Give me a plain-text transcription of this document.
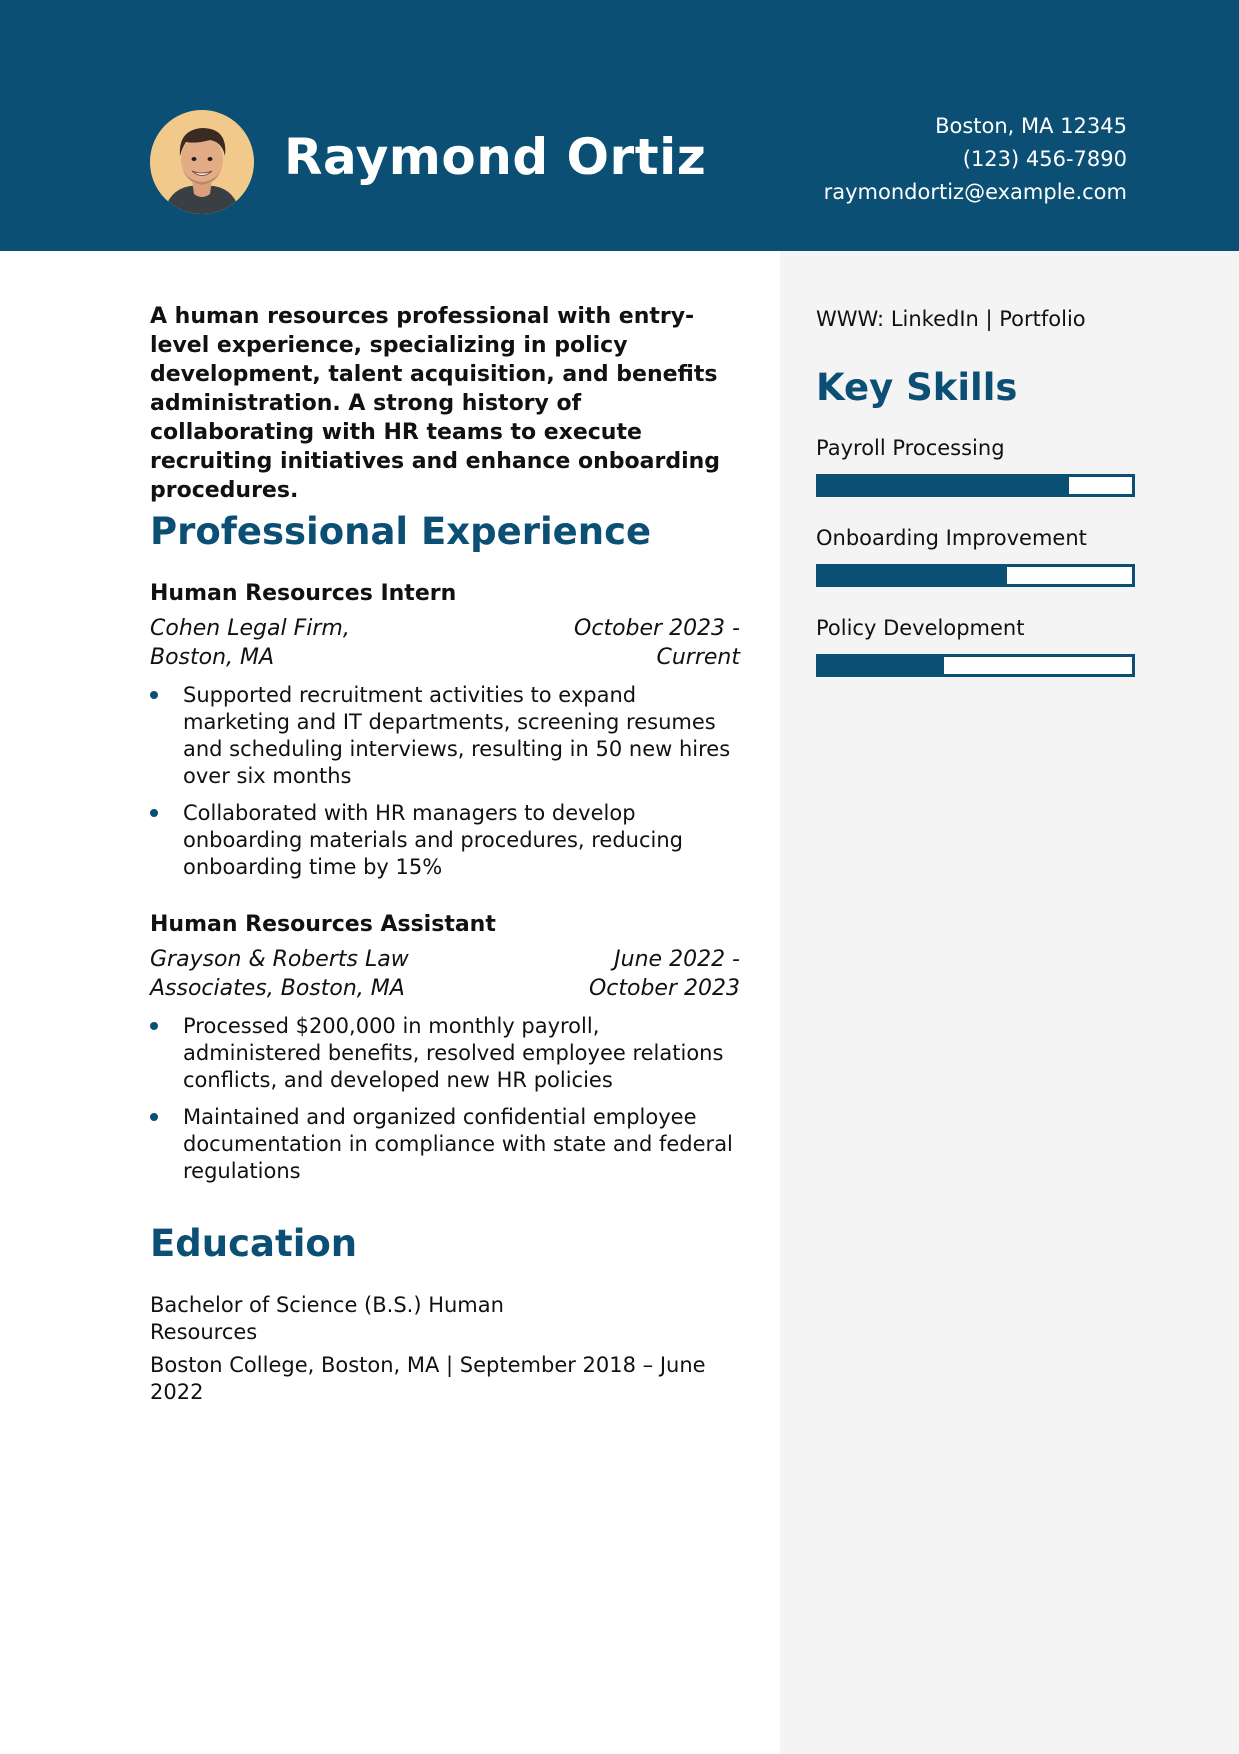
Raymond Ortiz
Boston, MA 12345
(123) 456-7890
raymondortiz@example.com

A human resources professional with entry-level experience, specializing in policy development, talent acquisition, and benefits administration. A strong history of collaborating with HR teams to execute recruiting initiatives and enhance onboarding procedures.

Professional Experience
Human Resources Intern
Cohen Legal Firm, Boston, MA
October 2023 - Current
Supported recruitment activities to expand marketing and IT departments, screening resumes and scheduling interviews, resulting in 50 new hires over six months
Collaborated with HR managers to develop onboarding materials and procedures, reducing onboarding time by 15%
Human Resources Assistant
Grayson & Roberts Law Associates, Boston, MA
June 2022 - October 2023
Processed $200,000 in monthly payroll, administered benefits, resolved employee relations conflicts, and developed new HR policies
Maintained and organized confidential employee documentation in compliance with state and federal regulations
Education
Bachelor of Science (B.S.) Human Resources
Boston College, Boston, MA | September 2018 – June 2022
WWW: LinkedIn | Portfolio
Key Skills
Payroll Processing
Onboarding Improvement
Policy Development
